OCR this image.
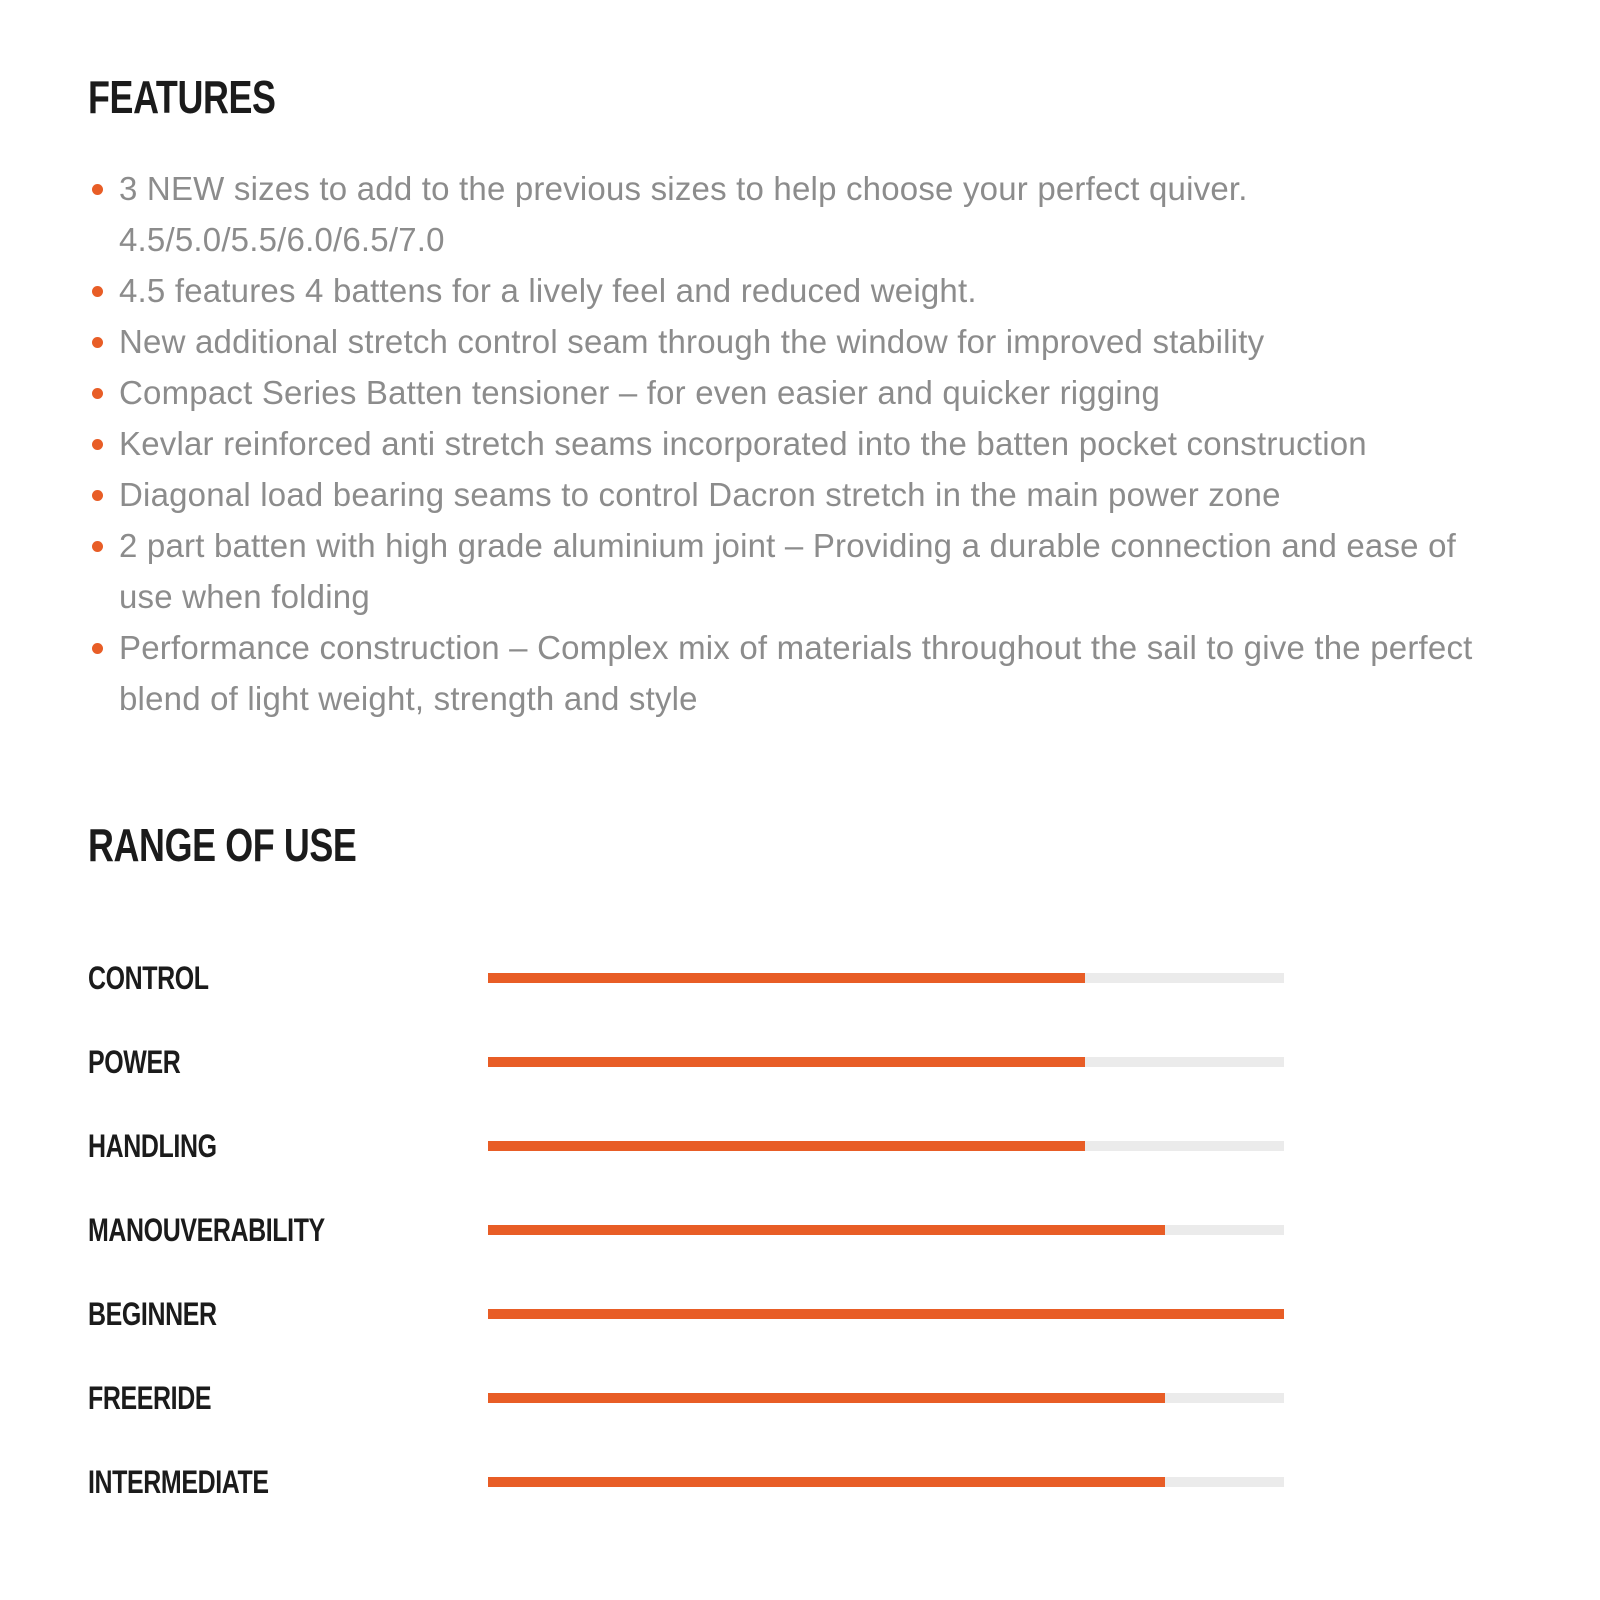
FEATURES
3 NEW sizes to add to the previous sizes to help choose your perfect quiver. 4.5/5.0/5.5/6.0/6.5/7.0
4.5 features 4 battens for a lively feel and reduced weight.
New additional stretch control seam through the window for improved stability
Compact Series Batten tensioner – for even easier and quicker rigging
Kevlar reinforced anti stretch seams incorporated into the batten pocket construction
Diagonal load bearing seams to control Dacron stretch in the main power zone
2 part batten with high grade aluminium joint – Providing a durable connection and ease of use when folding
Performance construction – Complex mix of materials throughout the sail to give the perfect blend of light weight, strength and style
RANGE OF USE
CONTROL
POWER
HANDLING
MANOUVERABILITY
BEGINNER
FREERIDE
INTERMEDIATE
